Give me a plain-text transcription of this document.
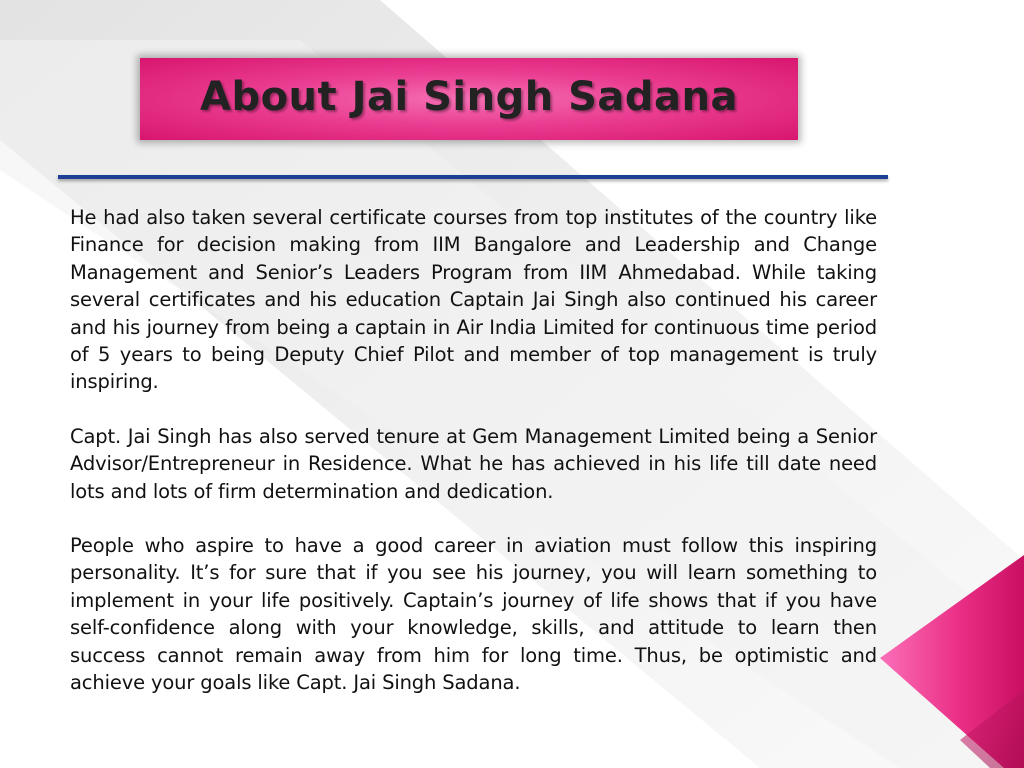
About Jai Singh Sadana

He had also taken several certificate courses from top institutes of the country like Finance for decision making from IIM Bangalore and Leadership and Change Management and Senior’s Leaders Program from IIM Ahmedabad. While taking several certificates and his education Captain Jai Singh also continued his career and his journey from being a captain in Air India Limited for continuous time period of 5 years to being Deputy Chief Pilot and member of top management is truly inspiring.

Capt. Jai Singh has also served tenure at Gem Management Limited being a Senior Advisor/Entrepreneur in Residence. What he has achieved in his life till date need lots and lots of firm determination and dedication.

People who aspire to have a good career in aviation must follow this inspiring personality. It’s for sure that if you see his journey, you will learn something to implement in your life positively. Captain’s journey of life shows that if you have self-confidence along with your knowledge, skills, and attitude to learn then success cannot remain away from him for long time. Thus, be optimistic and achieve your goals like Capt. Jai Singh Sadana.
